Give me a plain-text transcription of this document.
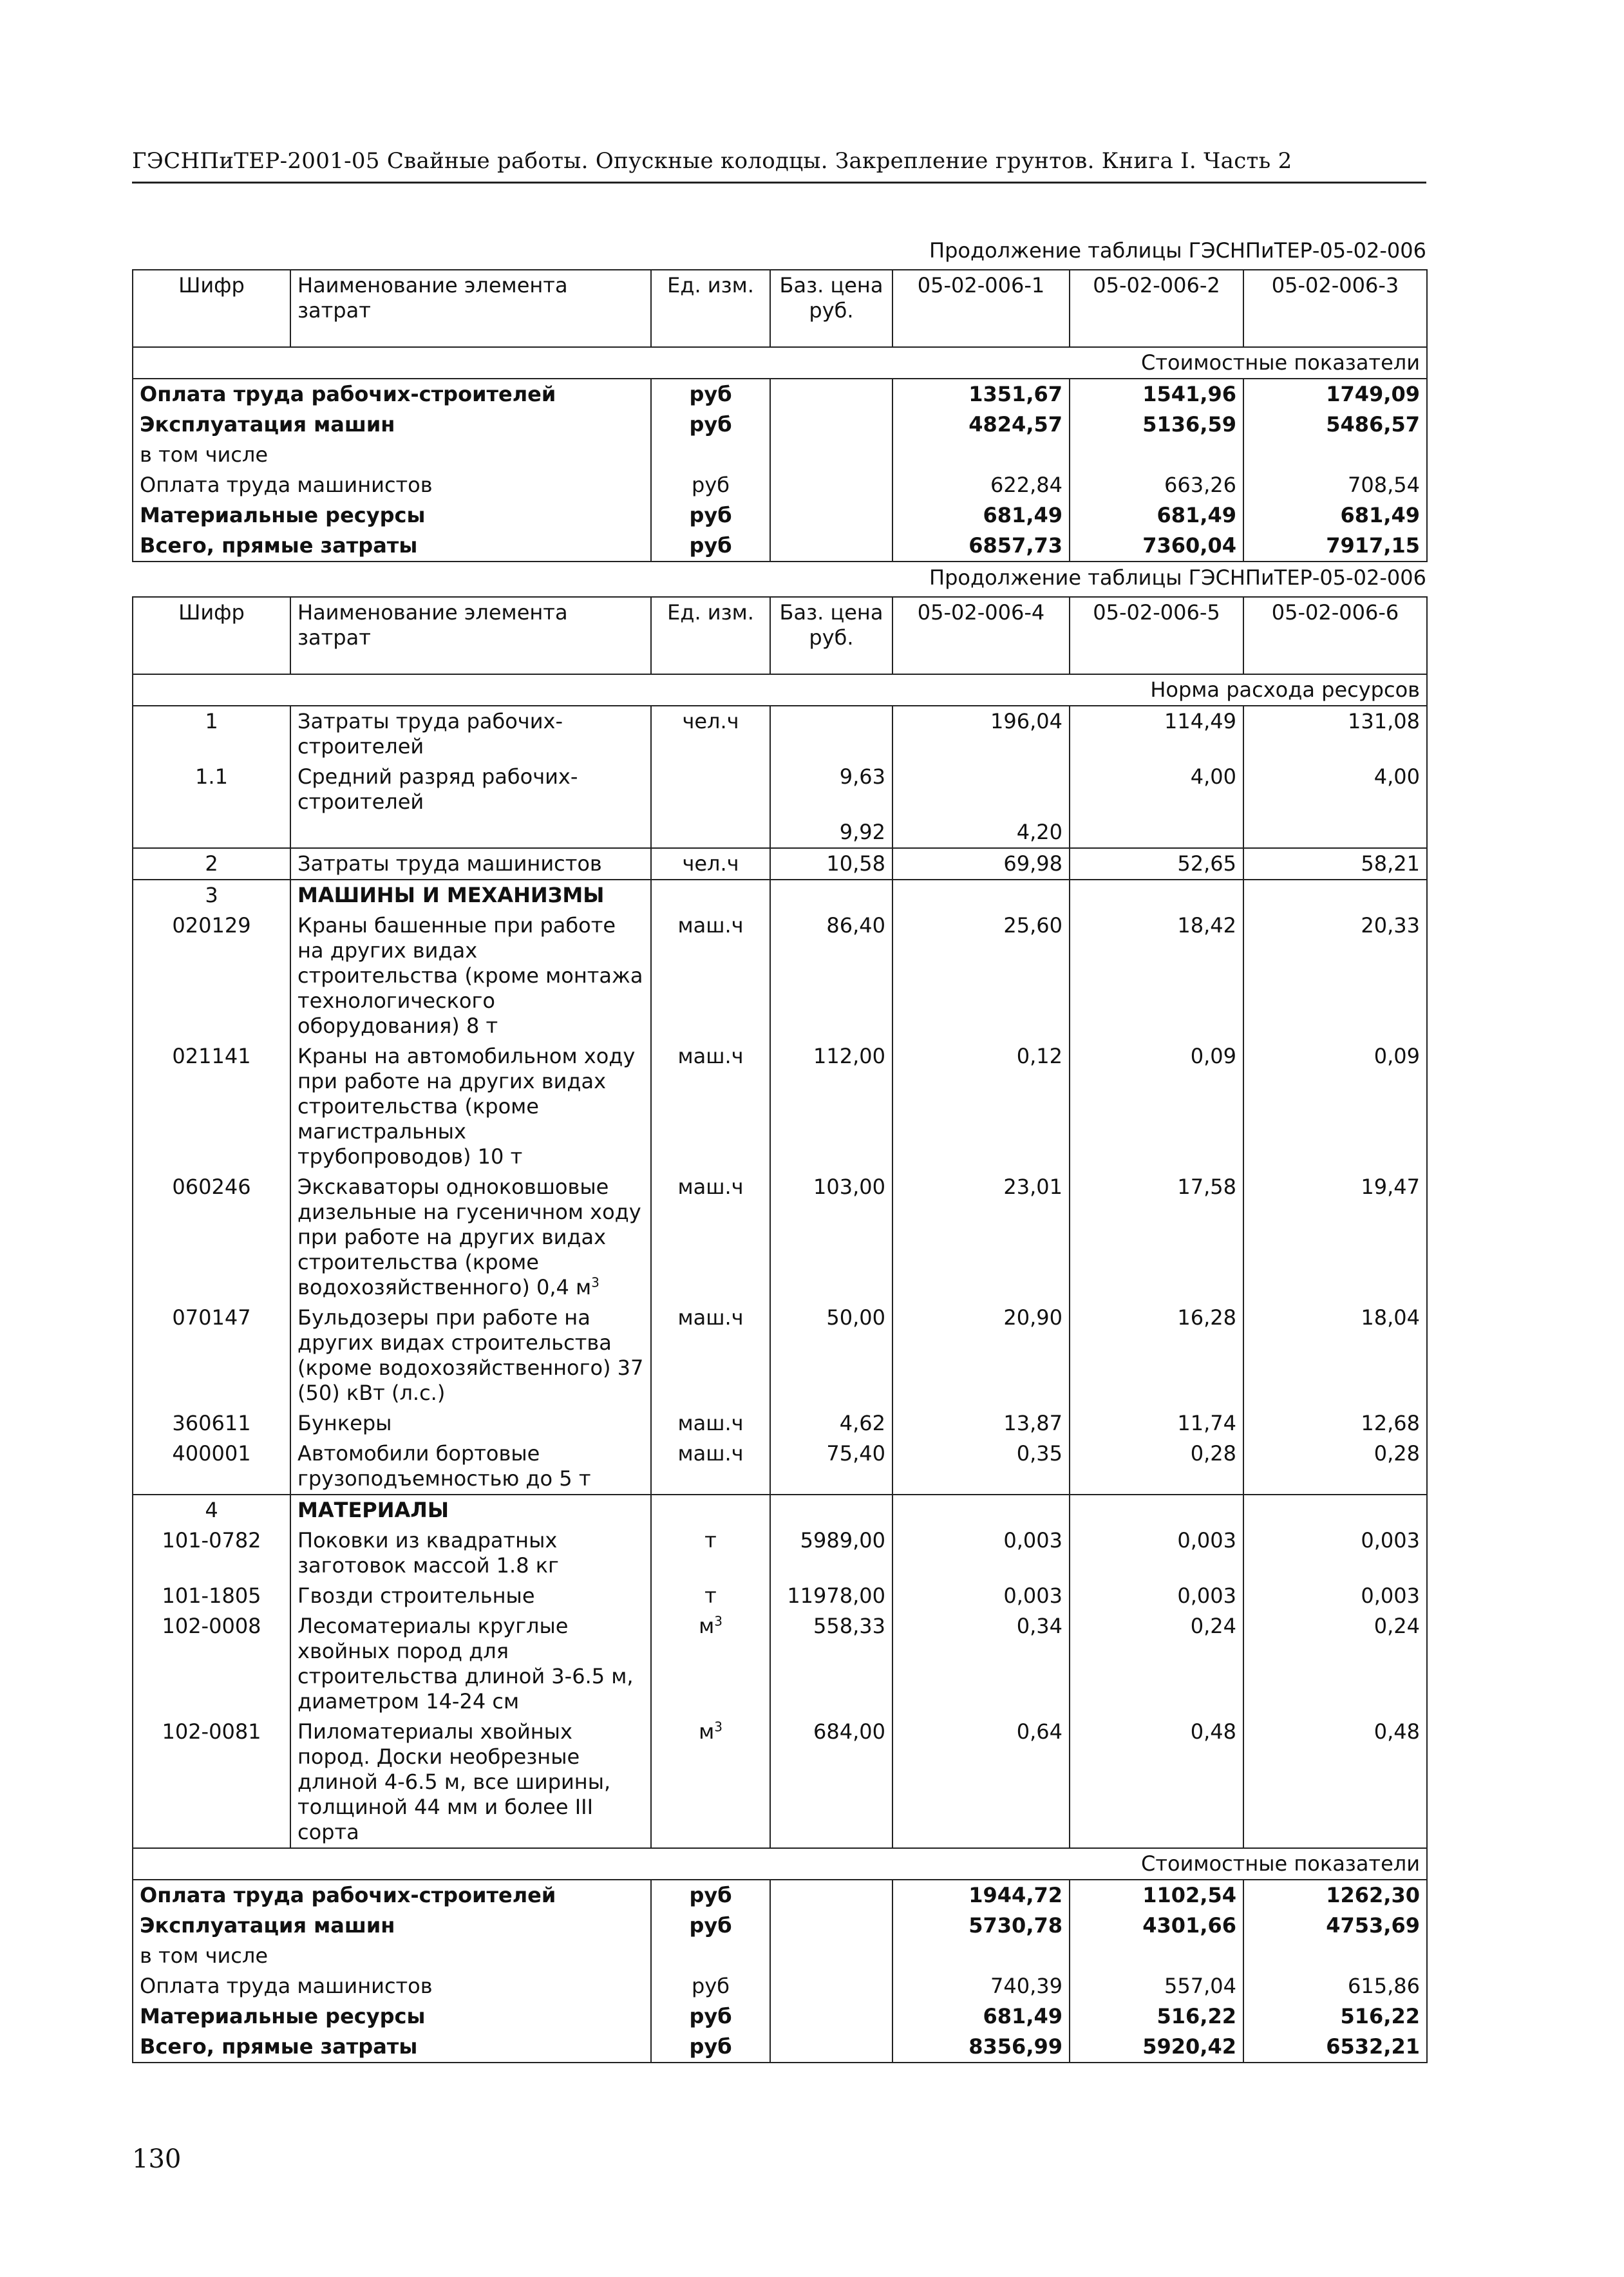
ГЭСНПиТЕР-2001-05 Свайные работы. Опускные колодцы. Закрепление грунтов. Книга I. Часть 2
Продолжение таблицы ГЭСНПиТЕР-05-02-006
Шифр	Наименование элемента затрат	Ед. изм.	Баз. цена руб.	05-02-006-1	05-02-006-2	05-02-006-3
Стоимостные показатели						
Оплата труда рабочих-строителей		руб		1351,67	1541,96	1749,09
Эксплуатация машин		руб		4824,57	5136,59	5486,57
в том числе						
Оплата труда машинистов		руб		622,84	663,26	708,54
Материальные ресурсы		руб		681,49	681,49	681,49
Всего, прямые затраты		руб		6857,73	7360,04	7917,15
Продолжение таблицы ГЭСНПиТЕР-05-02-006
Шифр	Наименование элемента затрат	Ед. изм.	Баз. цена руб.	05-02-006-4	05-02-006-5	05-02-006-6
Норма расхода ресурсов						
1	Затраты труда рабочих-строителей	чел.ч		196,04	114,49	131,08
1.1	Средний разряд рабочих-строителей		9,63		4,00	4,00
			9,92	4,20		
2	Затраты труда машинистов	чел.ч	10,58	69,98	52,65	58,21
3	МАШИНЫ И МЕХАНИЗМЫ					
020129	Краны башенные при работе на других видах строительства (кроме монтажа технологического оборудования) 8 т	маш.ч	86,40	25,60	18,42	20,33
021141	Краны на автомобильном ходу при работе на других видах строительства (кроме магистральных трубопроводов) 10 т	маш.ч	112,00	0,12	0,09	0,09
060246	Экскаваторы одноковшовые дизельные на гусеничном ходу при работе на других видах строительства (кроме водохозяйственного) 0,4 $м^3$	маш.ч	103,00	23,01	17,58	19,47
070147	Бульдозеры при работе на других видах строительства (кроме водохозяйственного) 37 (50) кВт (л.с.)	маш.ч	50,00	20,90	16,28	18,04
360611	Бункеры	маш.ч	4,62	13,87	11,74	12,68
400001	Автомобили бортовые грузоподъемностью до 5 т	маш.ч	75,40	0,35	0,28	0,28
4	МАТЕРИАЛЫ					
101-0782	Поковки из квадратных заготовок массой 1.8 кг	т	5989,00	0,003	0,003	0,003
101-1805	Гвозди строительные	т	11978,00	0,003	0,003	0,003
102-0008	Лесоматериалы круглые хвойных пород для строительства длиной 3-6.5 м, диаметром 14-24 см	$м^3$	558,33	0,34	0,24	0,24
102-0081	Пиломатериалы хвойных пород. Доски необрезные длиной 4-6.5 м, все ширины, толщиной 44 мм и более III сорта	$м^3$	684,00	0,64	0,48	0,48
Стоимостные показатели						
Оплата труда рабочих-строителей		руб		1944,72	1102,54	1262,30
Эксплуатация машин		руб		5730,78	4301,66	4753,69
в том числе						
Оплата труда машинистов		руб		740,39	557,04	615,86
Материальные ресурсы		руб		681,49	516,22	516,22
Всего, прямые затраты		руб		8356,99	5920,42	6532,21
130
